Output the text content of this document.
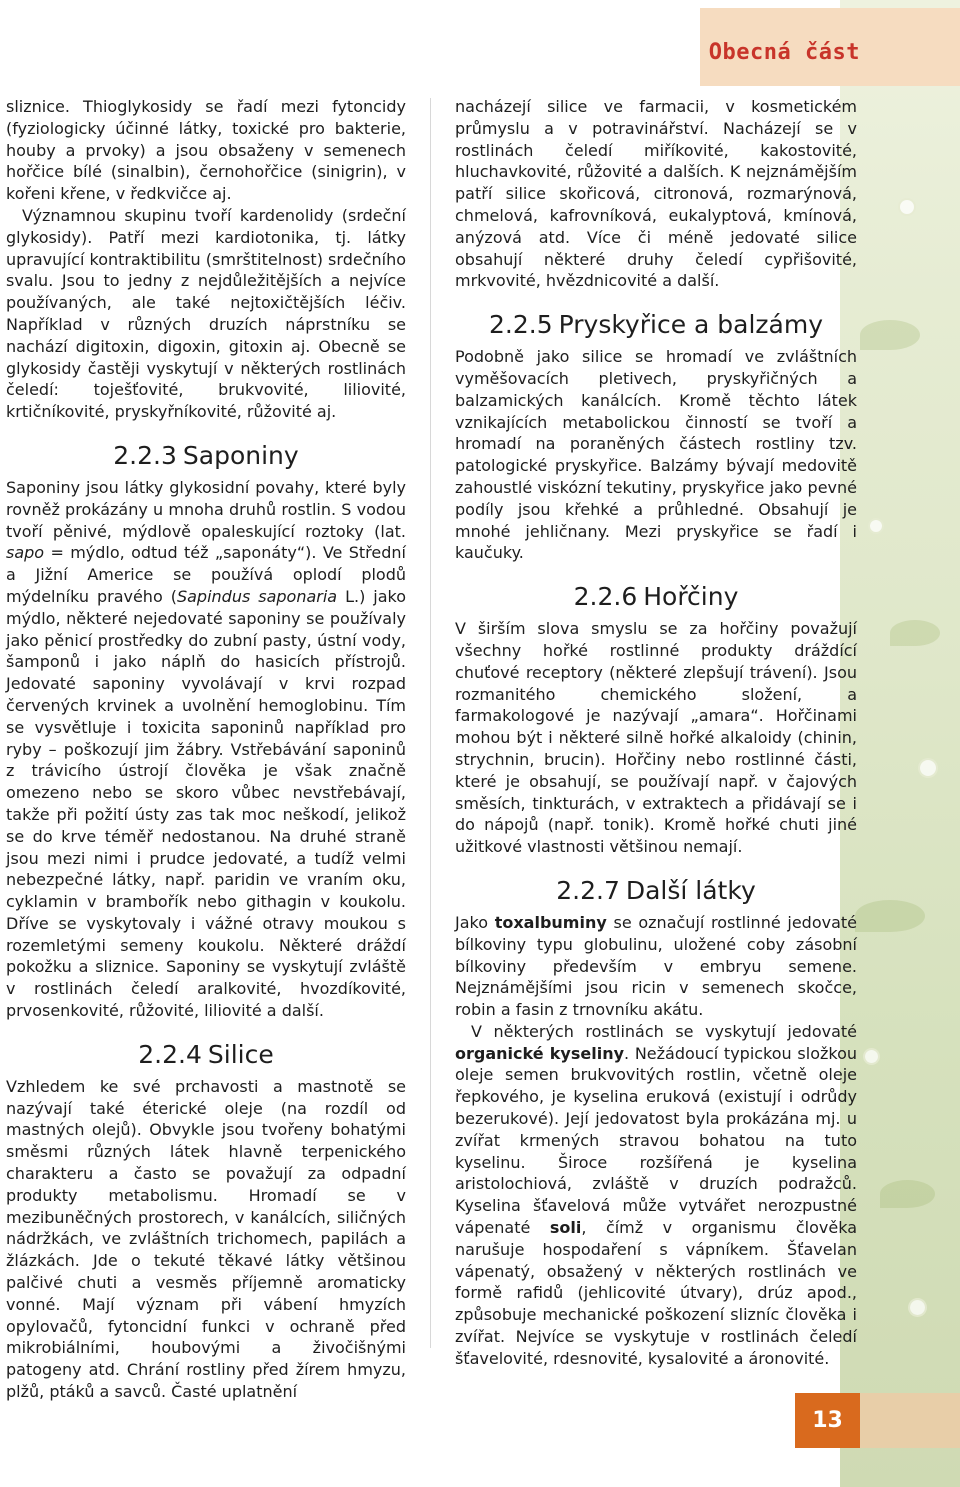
Obecná část

sliznice. Thioglykosidy se řadí mezi fytoncidy (fyziologicky účinné látky, toxické pro bakterie, houby a prvoky) a jsou obsaženy v semenech hořčice bílé (sinalbin), černohořčice (sinigrin), v kořeni křene, v ředkvičce aj.

Významnou skupinu tvoří kardenolidy (srdeční glykosidy). Patří mezi kardiotonika, tj. látky upravující kontraktibilitu (smrštitelnost) srdečního svalu. Jsou to jedny z nejdůležitějších a nejvíce používaných, ale také nejtoxičtějších léčiv. Například v různých druzích náprstníku se nachází digitoxin, digoxin, gitoxin aj. Obecně se glykosidy častěji vyskytují v některých rostlinách čeledí: toješťovité, brukvovité, liliovité, krtičníkovité, pryskyřníkovité, růžovité aj.

2.2.3 Saponiny

Saponiny jsou látky glykosidní povahy, které byly rovněž prokázány u mnoha druhů rostlin. S vodou tvoří pěnivé, mýdlově opaleskující roztoky (lat. sapo = mýdlo, odtud též „saponáty“). Ve Střední a Jižní Americe se používá oplodí plodů mýdelníku pravého (Sapindus saponaria L.) jako mýdlo, některé nejedovaté saponiny se používaly jako pěnicí prostředky do zubní pasty, ústní vody, šamponů i jako náplň do hasicích přístrojů. Jedovaté saponiny vyvolávají v krvi rozpad červených krvinek a uvolnění hemoglobinu. Tím se vysvětluje i toxicita saponinů například pro ryby – poškozují jim žábry. Vstřebávání saponinů z trávicího ústrojí člověka je však značně omezeno nebo se skoro vůbec nevstřebávají, takže při požití ústy zas tak moc neškodí, jelikož se do krve téměř nedostanou. Na druhé straně jsou mezi nimi i prudce jedovaté, a tudíž velmi nebezpečné látky, např. paridin ve vraním oku, cyklamin v brambořík nebo githagin v koukolu. Dříve se vyskytovaly i vážné otravy moukou s rozemletými semeny koukolu. Některé dráždí pokožku a sliznice. Saponiny se vyskytují zvláště v rostlinách čeledí aralkovité, hvozdíkovité, prvosenkovité, růžovité, liliovité a další.

2.2.4 Silice

Vzhledem ke své prchavosti a mastnotě se nazývají také éterické oleje (na rozdíl od mastných olejů). Obvykle jsou tvořeny bohatými směsmi různých látek hlavně terpenického charakteru a často se považují za odpadní produkty metabolismu. Hromadí se v mezibuněčných prostorech, v kanálcích, siličných nádržkách, ve zvláštních trichomech, papilách a žlázkách. Jde o tekuté těkavé látky většinou palčivé chuti a vesměs příjemně aromaticky vonné. Mají význam při vábení hmyzích opylovačů, fytoncidní funkci v ochraně před mikrobiálními, houbovými a živočišnými patogeny atd. Chrání rostliny před žírem hmyzu, plžů, ptáků a savců. Časté uplatnění

nacházejí silice ve farmacii, v kosmetickém průmyslu a v potravinářství. Nacházejí se v rostlinách čeledí miříkovité, kakostovité, hluchavkovité, růžovité a dalších. K nejznámějším patří silice skořicová, citronová, rozmarýnová, chmelová, kafrovníková, eukalyptová, kmínová, anýzová atd. Více či méně jedovaté silice obsahují některé druhy čeledí cypřišovité, mrkvovité, hvězdnicovité a další.

2.2.5 Pryskyřice a balzámy

Podobně jako silice se hromadí ve zvláštních vyměšovacích pletivech, pryskyřičných a balzamických kanálcích. Kromě těchto látek vznikajících metabolickou činností se tvoří a hromadí na poraněných částech rostliny tzv. patologické pryskyřice. Balzámy bývají medovitě zahoustlé viskózní tekutiny, pryskyřice jako pevné podíly jsou křehké a průhledné. Obsahují je mnohé jehličnany. Mezi pryskyřice se řadí i kaučuky.

2.2.6 Hořčiny

V širším slova smyslu se za hořčiny považují všechny hořké rostlinné produkty dráždící chuťové receptory (některé zlepšují trávení). Jsou rozmanitého chemického složení, a farmakologové je nazývají „amara“. Hořčinami mohou být i některé silně hořké alkaloidy (chinin, strychnin, brucin). Hořčiny nebo rostlinné části, které je obsahují, se používají např. v čajových směsích, tinkturách, v extraktech a přidávají se i do nápojů (např. tonik). Kromě hořké chuti jiné užitkové vlastnosti většinou nemají.

2.2.7 Další látky

Jako toxalbuminy se označují rostlinné jedovaté bílkoviny typu globulinu, uložené coby zásobní bílkoviny především v embryu semene. Nejznámějšími jsou ricin v semenech skočce, robin a fasin z trnovníku akátu.

V některých rostlinách se vyskytují jedovaté organické kyseliny. Nežádoucí typickou složkou oleje semen brukvovitých rostlin, včetně oleje řepkového, je kyselina eruková (existují i odrůdy bezerukové). Její jedovatost byla prokázána mj. u zvířat krmených stravou bohatou na tuto kyselinu. Široce rozšířená je kyselina aristolochiová, zvláště v druzích podražců. Kyselina šťavelová může vytvářet nerozpustné vápenaté soli, čímž v organismu člověka narušuje hospodaření s vápníkem. Šťavelan vápenatý, obsažený v některých rostlinách ve formě rafidů (jehlicovité útvary), drúz apod., způsobuje mechanické poškození slizníc člověka i zvířat. Nejvíce se vyskytuje v rostlinách čeledí šťavelovité, rdesnovité, kysalovité a áronovité.

13
